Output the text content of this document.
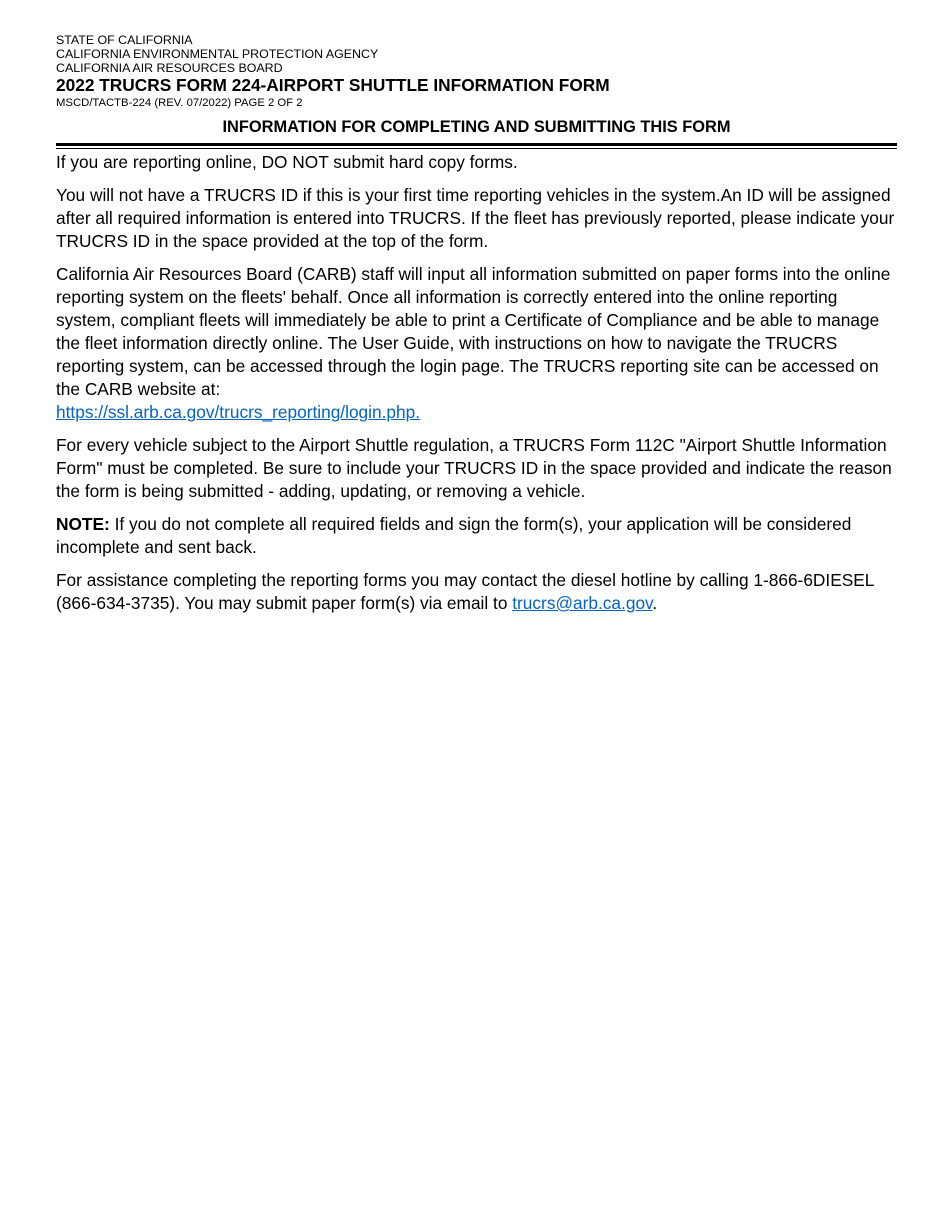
STATE OF CALIFORNIA

CALIFORNIA ENVIRONMENTAL PROTECTION AGENCY

CALIFORNIA AIR RESOURCES BOARD

2022 TRUCRS FORM 224-AIRPORT SHUTTLE INFORMATION FORM

MSCD/TACTB-224 (REV. 07/2022) PAGE 2 OF 2

INFORMATION FOR COMPLETING AND SUBMITTING THIS FORM

If you are reporting online, DO NOT submit hard copy forms.

You will not have a TRUCRS ID if this is your first time reporting vehicles in the system.An ID will be assigned after all required information is entered into TRUCRS. If the fleet has previously reported, please indicate your TRUCRS ID in the space provided at the top of the form.

California Air Resources Board (CARB) staff will input all information submitted on paper forms into the online reporting system on the fleets' behalf. Once all information is correctly entered into the online reporting system, compliant fleets will immediately be able to print a Certificate of Compliance and be able to manage the fleet information directly online. The User Guide, with instructions on how to navigate the TRUCRS reporting system, can be accessed through the login page. The TRUCRS reporting site can be accessed on the CARB website at:
https://ssl.arb.ca.gov/trucrs_reporting/login.php.

For every vehicle subject to the Airport Shuttle regulation, a TRUCRS Form 112C "Airport Shuttle Information Form" must be completed. Be sure to include your TRUCRS ID in the space provided and indicate the reason the form is being submitted - adding, updating, or removing a vehicle.

NOTE: If you do not complete all required fields and sign the form(s), your application will be considered incomplete and sent back.

For assistance completing the reporting forms you may contact the diesel hotline by calling 1-866-6DIESEL (866-634-3735). You may submit paper form(s) via email to trucrs@arb.ca.gov.
